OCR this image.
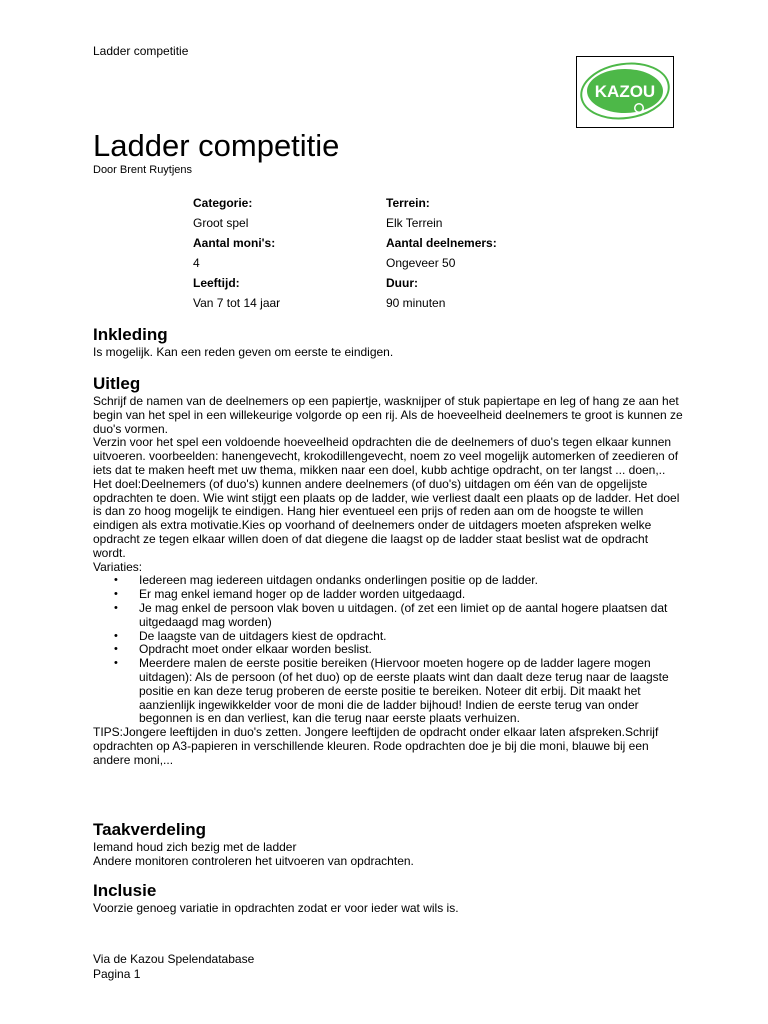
Ladder competitie
KAZOU
Ladder competitie
Door Brent Ruytjens
Categorie:	Terrein:
Groot spel	Elk Terrein
Aantal moni's:	Aantal deelnemers:
4	Ongeveer 50
Leeftijd:	Duur:
Van 7 tot 14 jaar	90 minuten
Inkleding

Is mogelijk. Kan een reden geven om eerste te eindigen.

Uitleg

Schrijf de namen van de deelnemers op een papiertje, wasknijper of stuk papiertape en leg of hang ze aan het begin van het spel in een willekeurige volgorde op een rij. Als de hoeveelheid deelnemers te groot is kunnen ze duo's vormen.

Verzin voor het spel een voldoende hoeveelheid opdrachten die de deelnemers of duo's tegen elkaar kunnen uitvoeren. voorbeelden: hanengevecht, krokodillengevecht, noem zo veel mogelijk automerken of zeedieren of iets dat te maken heeft met uw thema, mikken naar een doel, kubb achtige opdracht, on ter langst ... doen,..

Het doel:Deelnemers (of duo's) kunnen andere deelnemers (of duo's) uitdagen om één van de opgelijste opdrachten te doen. Wie wint stijgt een plaats op de ladder, wie verliest daalt een plaats op de ladder. Het doel is dan zo hoog mogelijk te eindigen. Hang hier eventueel een prijs of reden aan om de hoogste te willen eindigen als extra motivatie.Kies op voorhand of deelnemers onder de uitdagers moeten afspreken welke opdracht ze tegen elkaar willen doen of dat diegene die laagst op de ladder staat beslist wat de opdracht wordt.

Variaties:

• Iedereen mag iedereen uitdagen ondanks onderlingen positie op de ladder.
• Er mag enkel iemand hoger op de ladder worden uitgedaagd.
• Je mag enkel de persoon vlak boven u uitdagen. (of zet een limiet op de aantal hogere plaatsen dat uitgedaagd mag worden)
• De laagste van de uitdagers kiest de opdracht.
• Opdracht moet onder elkaar worden beslist.
• Meerdere malen de eerste positie bereiken (Hiervoor moeten hogere op de ladder lagere mogen uitdagen): Als de persoon (of het duo) op de eerste plaats wint dan daalt deze terug naar de laagste positie en kan deze terug proberen de eerste positie te bereiken. Noteer dit erbij. Dit maakt het aanzienlijk ingewikkelder voor de moni die de ladder bijhoud! Indien de eerste terug van onder begonnen is en dan verliest, kan die terug naar eerste plaats verhuizen.

TIPS:Jongere leeftijden in duo's zetten. Jongere leeftijden de opdracht onder elkaar laten afspreken.Schrijf opdrachten op A3-papieren in verschillende kleuren. Rode opdrachten doe je bij die moni, blauwe bij een andere moni,...

Taakverdeling
Iemand houd zich bezig met de ladder
Andere monitoren controleren het uitvoeren van opdrachten.
Inclusie

Voorzie genoeg variatie in opdrachten zodat er voor ieder wat wils is.

Via de Kazou Spelendatabase
Pagina 1
